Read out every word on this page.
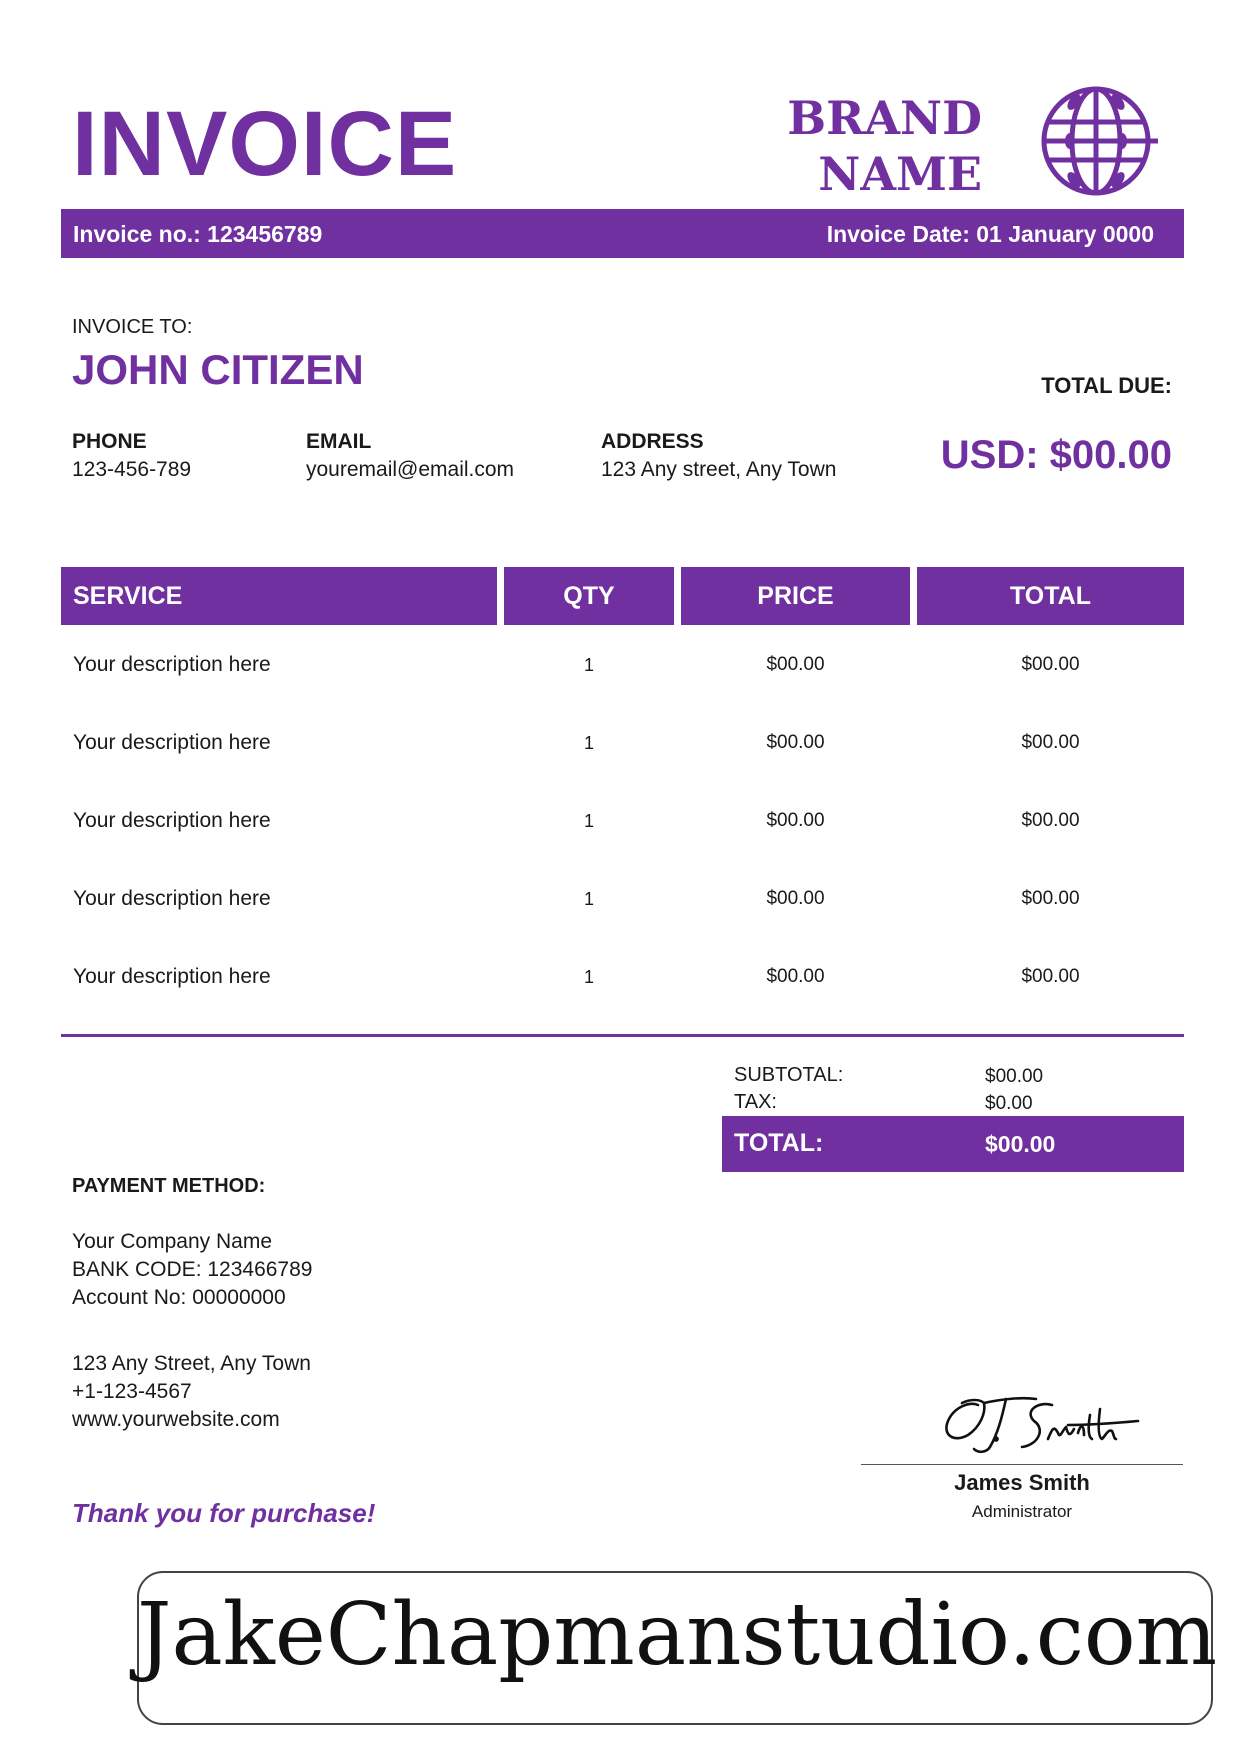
INVOICE	BRAND
NAME
Invoice no.: 123456789	Invoice Date: 01 January 0000
INVOICE TO:
JOHN CITIZEN	TOTAL DUE:
USD: $00.00
PHONE
123-456-789
EMAIL
youremail@email.com
ADDRESS
123 Any street, Any Town
SERVICE	QTY	PRICE	TOTAL
Your description here	1	$00.00	$00.00
Your description here	1	$00.00	$00.00
Your description here	1	$00.00	$00.00
Your description here	1	$00.00	$00.00
Your description here	1	$00.00	$00.00
SUBTOTAL:	$00.00
TAX:	$0.00
TOTAL:	$00.00
PAYMENT METHOD:
Your Company Name
BANK CODE: 123466789
Account No: 00000000
123 Any Street, Any Town
+1-123-4567
www.yourwebsite.com
Thank you for purchase!
James Smith
Administrator
JakeChapmanstudio.com
